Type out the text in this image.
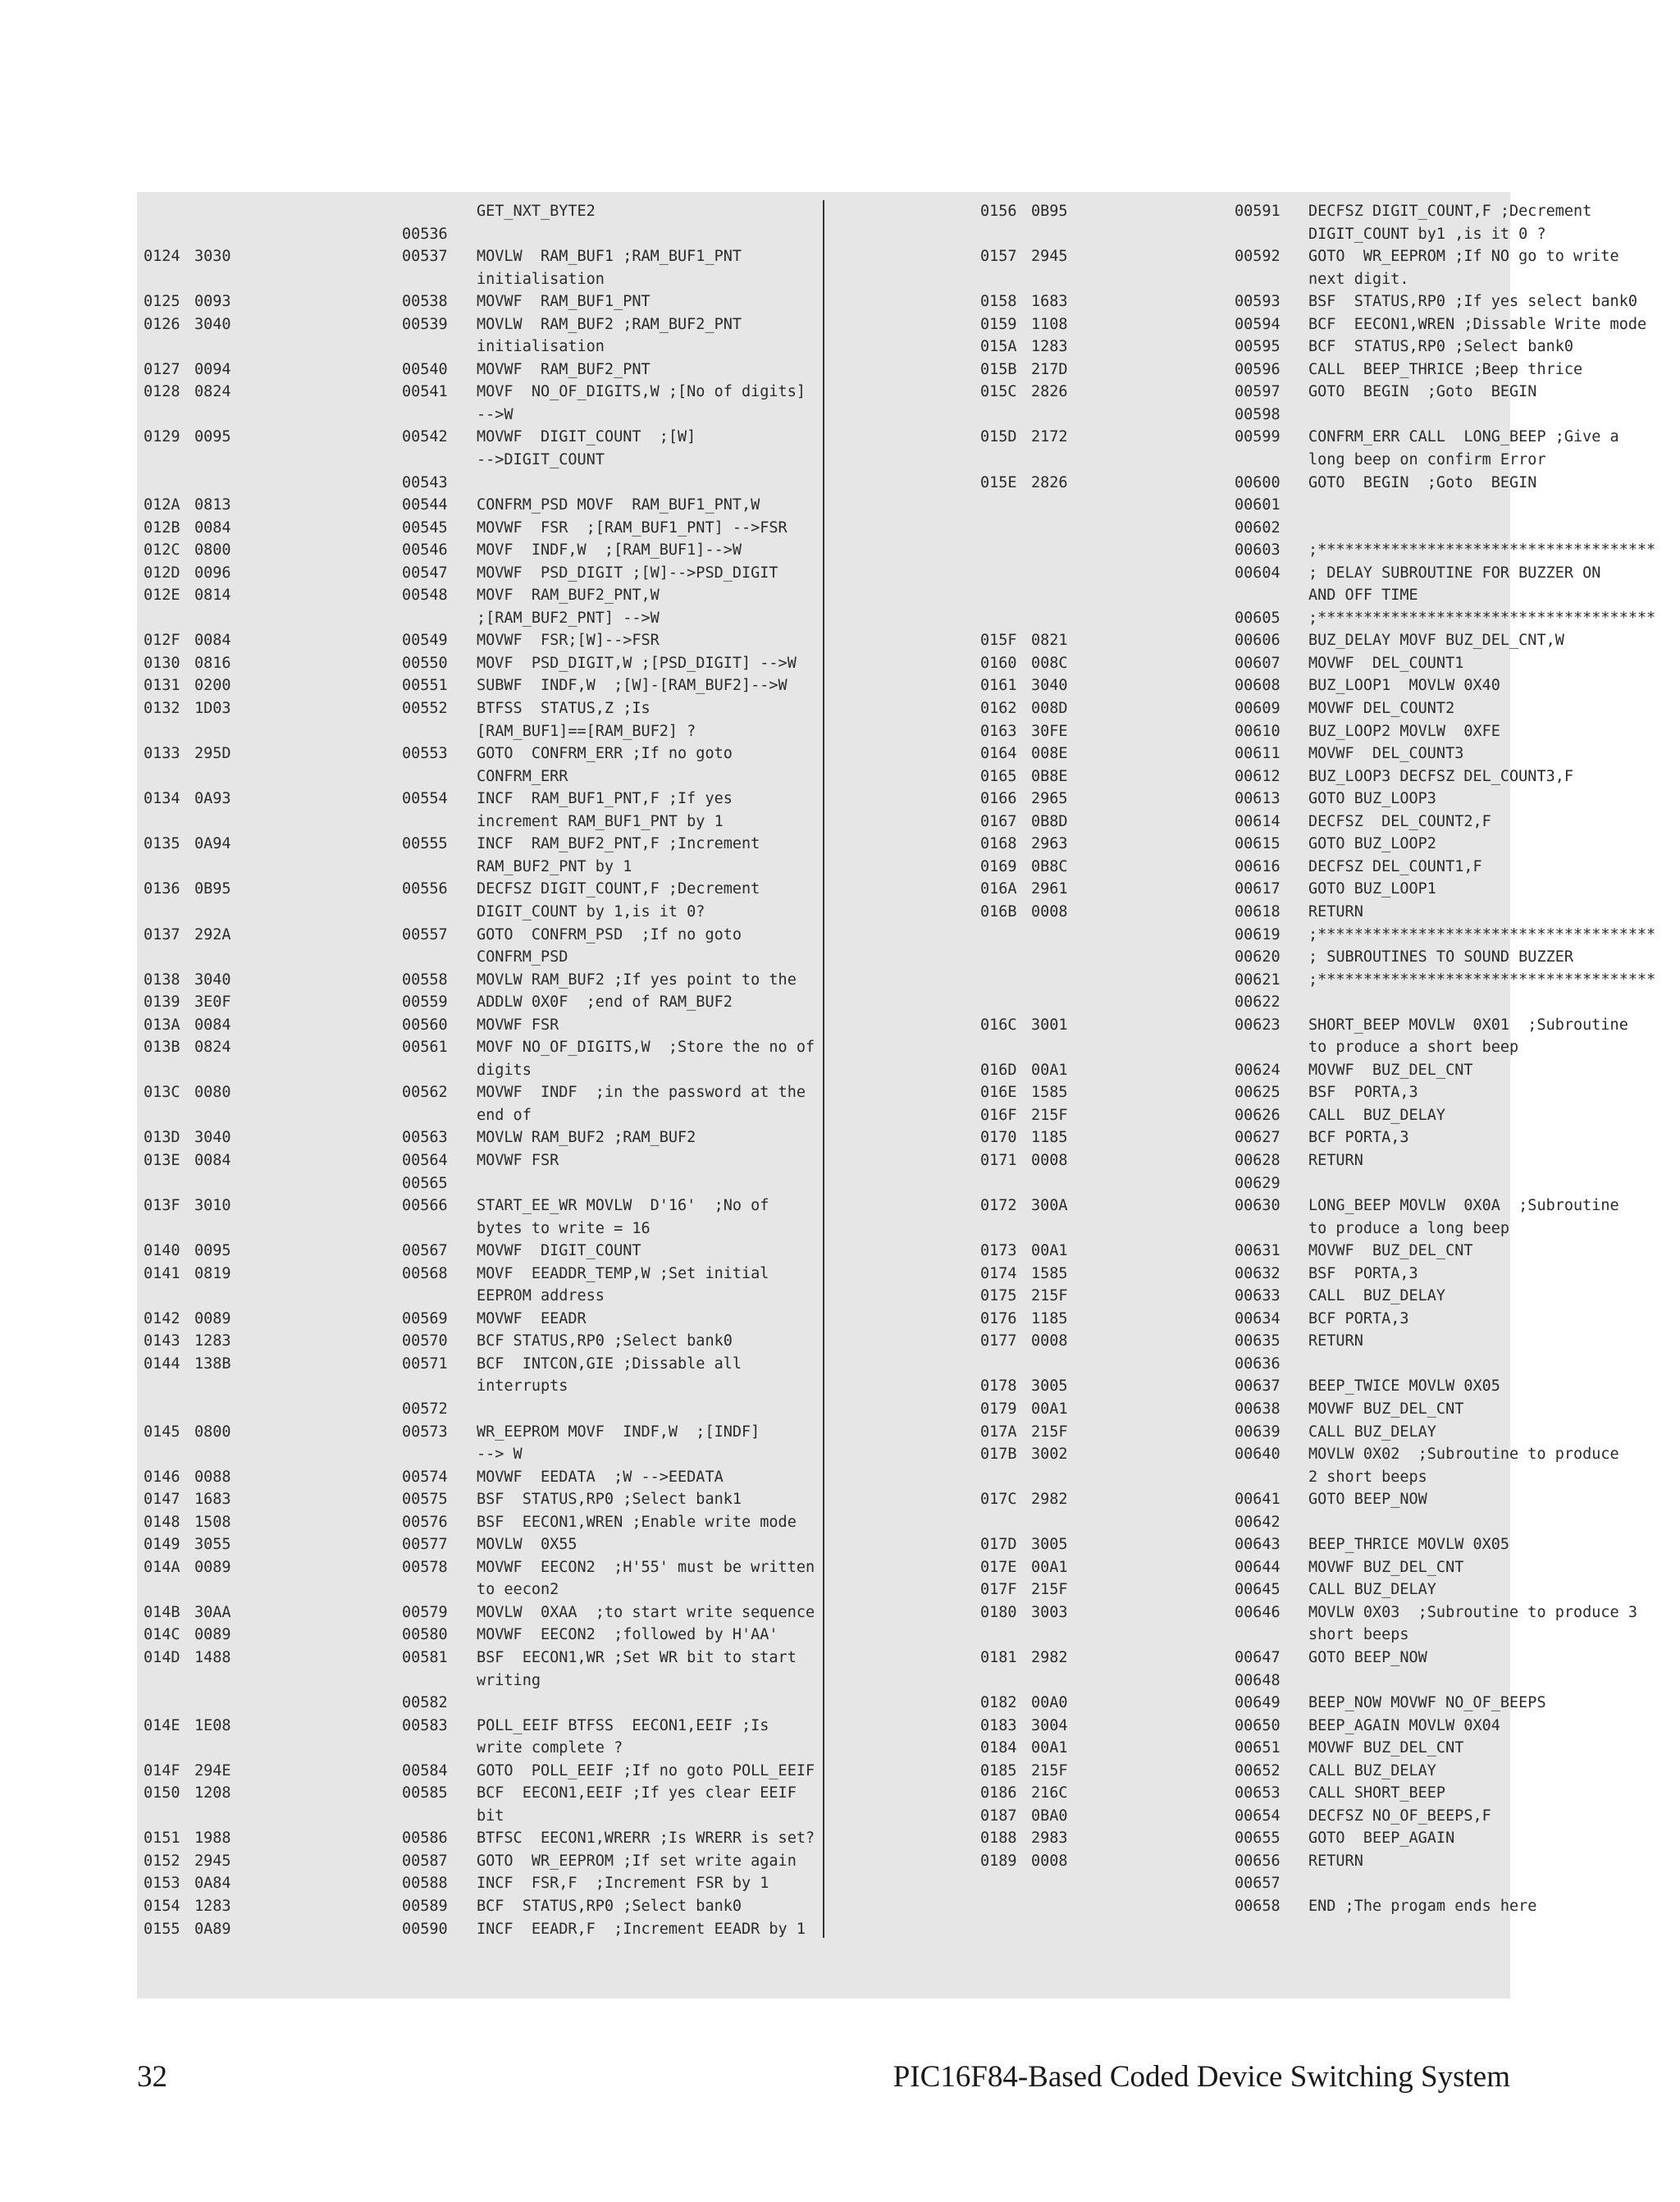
GET_NXT_BYTE2
00536
0124 3030	00537 MOVLW  RAM_BUF1 ;RAM_BUF1_PNT
initialisation
0125 0093	00538 MOVWF  RAM_BUF1_PNT
0126 3040	00539 MOVLW  RAM_BUF2 ;RAM_BUF2_PNT
initialisation
0127 0094	00540 MOVWF  RAM_BUF2_PNT
0128 0824	00541 MOVF  NO_OF_DIGITS,W ;[No of digits]
-->W
0129 0095	00542 MOVWF  DIGIT_COUNT  ;[W]
-->DIGIT_COUNT
00543
012A 0813	00544 CONFRM_PSD MOVF  RAM_BUF1_PNT,W
012B 0084	00545 MOVWF  FSR  ;[RAM_BUF1_PNT] -->FSR
012C 0800	00546 MOVF  INDF,W  ;[RAM_BUF1]-->W
012D 0096	00547 MOVWF  PSD_DIGIT ;[W]-->PSD_DIGIT
012E 0814	00548 MOVF  RAM_BUF2_PNT,W
;[RAM_BUF2_PNT] -->W
012F 0084	00549 MOVWF  FSR;[W]-->FSR
0130 0816	00550 MOVF  PSD_DIGIT,W ;[PSD_DIGIT] -->W
0131 0200	00551 SUBWF  INDF,W  ;[W]-[RAM_BUF2]-->W
0132 1D03	00552 BTFSS  STATUS,Z ;Is
[RAM_BUF1]==[RAM_BUF2] ?
0133 295D	00553 GOTO  CONFRM_ERR ;If no goto
CONFRM_ERR
0134 0A93	00554 INCF  RAM_BUF1_PNT,F ;If yes
increment RAM_BUF1_PNT by 1
0135 0A94	00555 INCF  RAM_BUF2_PNT,F ;Increment
RAM_BUF2_PNT by 1
0136 0B95	00556 DECFSZ DIGIT_COUNT,F ;Decrement
DIGIT_COUNT by 1,is it 0?
0137 292A	00557 GOTO  CONFRM_PSD  ;If no goto
CONFRM_PSD
0138 3040	00558 MOVLW RAM_BUF2 ;If yes point to the
0139 3E0F	00559 ADDLW 0X0F  ;end of RAM_BUF2
013A 0084	00560 MOVWF FSR
013B 0824	00561 MOVF NO_OF_DIGITS,W  ;Store the no of
digits
013C 0080	00562 MOVWF  INDF  ;in the password at the
end of
013D 3040	00563 MOVLW RAM_BUF2 ;RAM_BUF2
013E 0084	00564 MOVWF FSR
00565
013F 3010	00566 START_EE_WR MOVLW  D'16'  ;No of
bytes to write = 16
0140 0095	00567 MOVWF  DIGIT_COUNT
0141 0819	00568 MOVF  EEADDR_TEMP,W ;Set initial
EEPROM address
0142 0089	00569 MOVWF  EEADR
0143 1283	00570 BCF STATUS,RP0 ;Select bank0
0144 138B	00571 BCF  INTCON,GIE ;Dissable all
interrupts
00572
0145 0800	00573 WR_EEPROM MOVF  INDF,W  ;[INDF]
--> W
0146 0088	00574 MOVWF  EEDATA  ;W -->EEDATA
0147 1683	00575 BSF  STATUS,RP0 ;Select bank1
0148 1508	00576 BSF  EECON1,WREN ;Enable write mode
0149 3055	00577 MOVLW  0X55
014A 0089	00578 MOVWF  EECON2  ;H'55' must be written
to eecon2
014B 30AA	00579 MOVLW  0XAA  ;to start write sequence
014C 0089	00580 MOVWF  EECON2  ;followed by H'AA'
014D 1488	00581 BSF  EECON1,WR ;Set WR bit to start
writing
00582
014E 1E08	00583 POLL_EEIF BTFSS  EECON1,EEIF ;Is
write complete ?
014F 294E	00584 GOTO  POLL_EEIF ;If no goto POLL_EEIF
0150 1208	00585 BCF  EECON1,EEIF ;If yes clear EEIF
bit
0151 1988	00586 BTFSC  EECON1,WRERR ;Is WRERR is set?
0152 2945	00587 GOTO  WR_EEPROM ;If set write again
0153 0A84	00588 INCF  FSR,F  ;Increment FSR by 1
0154 1283	00589 BCF  STATUS,RP0 ;Select bank0
0155 0A89	00590 INCF  EEADR,F  ;Increment EEADR by 1
0156 0B95	00591 DECFSZ DIGIT_COUNT,F ;Decrement
DIGIT_COUNT by1 ,is it 0 ?
0157 2945	00592 GOTO  WR_EEPROM ;If NO go to write
next digit.
0158 1683	00593 BSF  STATUS,RP0 ;If yes select bank0
0159 1108	00594 BCF  EECON1,WREN ;Dissable Write mode
015A 1283	00595 BCF  STATUS,RP0 ;Select bank0
015B 217D	00596 CALL  BEEP_THRICE ;Beep thrice
015C 2826	00597 GOTO  BEGIN  ;Goto  BEGIN
00598
015D 2172	00599 CONFRM_ERR CALL  LONG_BEEP ;Give a
long beep on confirm Error
015E 2826	00600 GOTO  BEGIN  ;Goto  BEGIN
00601
00602
00603 ;*************************************
00604 ; DELAY SUBROUTINE FOR BUZZER ON
AND OFF TIME
00605 ;*************************************
015F 0821	00606 BUZ_DELAY MOVF BUZ_DEL_CNT,W
0160 008C	00607 MOVWF  DEL_COUNT1
0161 3040	00608 BUZ_LOOP1  MOVLW 0X40
0162 008D	00609 MOVWF DEL_COUNT2
0163 30FE	00610 BUZ_LOOP2 MOVLW  0XFE
0164 008E	00611 MOVWF  DEL_COUNT3
0165 0B8E	00612 BUZ_LOOP3 DECFSZ DEL_COUNT3,F
0166 2965	00613 GOTO BUZ_LOOP3
0167 0B8D	00614 DECFSZ  DEL_COUNT2,F
0168 2963	00615 GOTO BUZ_LOOP2
0169 0B8C	00616 DECFSZ DEL_COUNT1,F
016A 2961	00617 GOTO BUZ_LOOP1
016B 0008	00618 RETURN
00619 ;*************************************
00620 ; SUBROUTINES TO SOUND BUZZER
00621 ;*************************************
00622
016C 3001	00623 SHORT_BEEP MOVLW  0X01  ;Subroutine
to produce a short beep
016D 00A1	00624 MOVWF  BUZ_DEL_CNT
016E 1585	00625 BSF  PORTA,3
016F 215F	00626 CALL  BUZ_DELAY
0170 1185	00627 BCF PORTA,3
0171 0008	00628 RETURN
00629
0172 300A	00630 LONG_BEEP MOVLW  0X0A  ;Subroutine
to produce a long beep
0173 00A1	00631 MOVWF  BUZ_DEL_CNT
0174 1585	00632 BSF  PORTA,3
0175 215F	00633 CALL  BUZ_DELAY
0176 1185	00634 BCF PORTA,3
0177 0008	00635 RETURN
00636
0178 3005	00637 BEEP_TWICE MOVLW 0X05
0179 00A1	00638 MOVWF BUZ_DEL_CNT
017A 215F	00639 CALL BUZ_DELAY
017B 3002	00640 MOVLW 0X02  ;Subroutine to produce
2 short beeps
017C 2982	00641 GOTO BEEP_NOW
00642
017D 3005	00643 BEEP_THRICE MOVLW 0X05
017E 00A1	00644 MOVWF BUZ_DEL_CNT
017F 215F	00645 CALL BUZ_DELAY
0180 3003	00646 MOVLW 0X03  ;Subroutine to produce 3
short beeps
0181 2982	00647 GOTO BEEP_NOW
00648
0182 00A0	00649 BEEP_NOW MOVWF NO_OF_BEEPS
0183 3004	00650 BEEP_AGAIN MOVLW 0X04
0184 00A1	00651 MOVWF BUZ_DEL_CNT
0185 215F	00652 CALL BUZ_DELAY
0186 216C	00653 CALL SHORT_BEEP
0187 0BA0	00654 DECFSZ NO_OF_BEEPS,F
0188 2983	00655 GOTO  BEEP_AGAIN
0189 0008	00656 RETURN
00657
00658 END ;The progam ends here
32	PIC16F84-Based Coded Device Switching System
